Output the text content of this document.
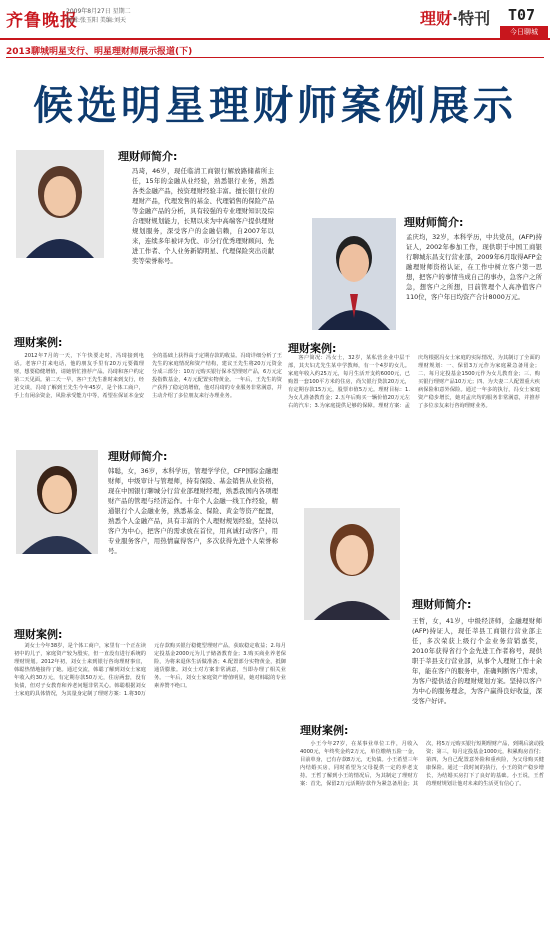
齐鲁晚报
2009年8月27日 星期二
编辑:张玉阳 美编:刘天	理财·特刊 T07
今日聊城
2013聊城明星支行、明星理财师展示报道(下)
候选明星理财师案例展示
理财师简介:
冯琦，46岁，现任临清工商银行解放路储蓄所主任，15年的金融从业经验，熟悉银行业务，熟悉各类金融产品，按资理财经验丰富。擅长银行业的理财产品，代理发售的基金、代理销售的保险产品等金融产品的分析，具有较强的专业理财知识及综合理财规划能力，长期以来为中高端客户提供理财规划服务，深受客户的金融信赖，自2007年以来，连续多年被评为优、市分行优秀理财顾问、先进工作者、个人业务新销明星、代理保险突出贡献奖等荣誉称号。
理财师简介:
孟庆均，32岁，本科学历，中共党员，(AFP)持证人，2002年参加工作，现供职于中国工商银行聊城东昌支行营业部，2009年6月取得AFP金融理财师资格认证，在工作中树立客户第一思想，把客户的事情当成自己的事办，急客户之所急，想客户之所想，目前管理个人高净值客户110位，客户年日均资产合计8000万元。
理财案例:

2012年7月的一天，下午快要走时，冯琦接到电话。老客户打来电话，他的朋友手里有20万元要做理财，想要稳健增值，请她帮忙推荐产品。冯琦和客户约定第二天见面。第二天一早，客户王先生准时来到支行，经过交谈，冯琦了解到王先生今年45岁，是个体工商户，手上有闲余资金，风险承受能力中等，希望在保证本金安全的基础上获得高于定期存款的收益。冯琦详细分析了王先生的家庭情况和资产结构，建议王先生将20万元资金分成三部分：10万元购买银行保本型理财产品，6万元定投指数基金，4万元配置实物黄金。一年后，王先生的资产获得了稳定的增值，他对冯琦的专业服务非常满意，并主动介绍了多位朋友来行办理业务。

理财案例:

客户简况：冯女士，32岁，某私营企业中层干部，其夫妇尤先生某中学教师，有一个4岁的女儿。家庭年收入约25万元，每月生活开支约6000元，已购置一套100平方米的住房，尚欠银行贷款20万元，有定期存款15万元，股票市值5万元。理财目标：1.为女儿准备教育金；2.五年后购买一辆价值20万元左右的汽车；3.为家庭提供足够的保障。理财方案：孟庆均根据冯女士家庭的实际情况，为其制订了全面的理财规划：一、保留3万元作为家庭紧急备用金；二、每月定投基金1500元作为女儿教育金；三、购买银行理财产品10万元；四、为夫妻二人配置重大疾病保险和意外保险。通过一年多的执行，冯女士家庭资产稳步增长，她对孟庆均的服务非常满意，并推荐了多位亲友来行咨询理财业务。

理财师简介:
韩聪，女，36岁，本科学历，管理学学位，CFP国际金融理财师，中级审计与管理师，持有保险、基金销售从业资格，现在中国银行聊城分行营业部理财经理，熟悉我国内各项理财产品的管理与经济运作。十年个人金融一线工作经验，精通银行个人金融业务，熟悉基金、保险、黄金等资产配置，熟悉个人金融产品，具有丰富的个人理财规划经验，坚持以客户为中心，把客户的需求放在首位，用真诚打动客户，用专业服务客户，用热情赢得客户，多次获得先进个人荣誉称号。
理财师简介:
王哲，女，41岁，中级经济师，金融理财师(AFP)持证人，现任莘县工商银行营业部主任，多次荣获上级行个金业务营销嘉奖，2010年获得省行个金先进工作者称号，现供职于莘县支行营业部，从事个人理财工作十余年，能在客户的服务中，准确判断客户需求，为客户提供适合的理财规划方案。坚持以客户为中心的服务理念，为客户赢得良好收益，深受客户好评。
理财案例:

刘女士今年38岁，是个体工商户，家里有一个正在读初中的儿子，家庭资产较为殷实，但一直没有进行系统的理财规划。2012年初，刘女士来到银行咨询理财事宜，韩聪热情地接待了她。通过交流，韩聪了解到刘女士家庭年收入约30万元，有定期存款50万元，住房两套，没有负债，但对子女教育和养老问题非常关心。韩聪根据刘女士家庭的具体情况，为其量身定制了理财方案：1.将30万元存款购买银行稳健型理财产品，获取稳定收益；2.每月定投基金2000元为儿子储备教育金；3.购买商业养老保险，为将来退休生活做准备；4.配置部分实物黄金，抵御通货膨胀。刘女士对方案非常满意，当即办理了相关业务。一年后，刘女士家庭资产增值明显，她对韩聪的专业素养赞不绝口。

理财案例:

小王今年27岁，在某事业单位工作，月收入4000元，年终奖金约2万元，单位缴纳五险一金，目前单身，已有存款8万元，无负债。小王希望三年内结婚买房，同时希望为父母提供一定的养老支持。王哲了解到小王的情况后，为其制定了理财方案：首先，保留2万元活期存款作为紧急备用金；其次，将5万元购买银行短期理财产品，到期后滚动投资；第三，每月定投基金1000元，积累购房首付；第四，为自己配置意外险和重疾险，为父母购买健康保险。通过一段时间的执行，小王的资产稳步增长，为结婚买房打下了良好的基础。小王说，王哲的理财规划让他对未来的生活更有信心了。
